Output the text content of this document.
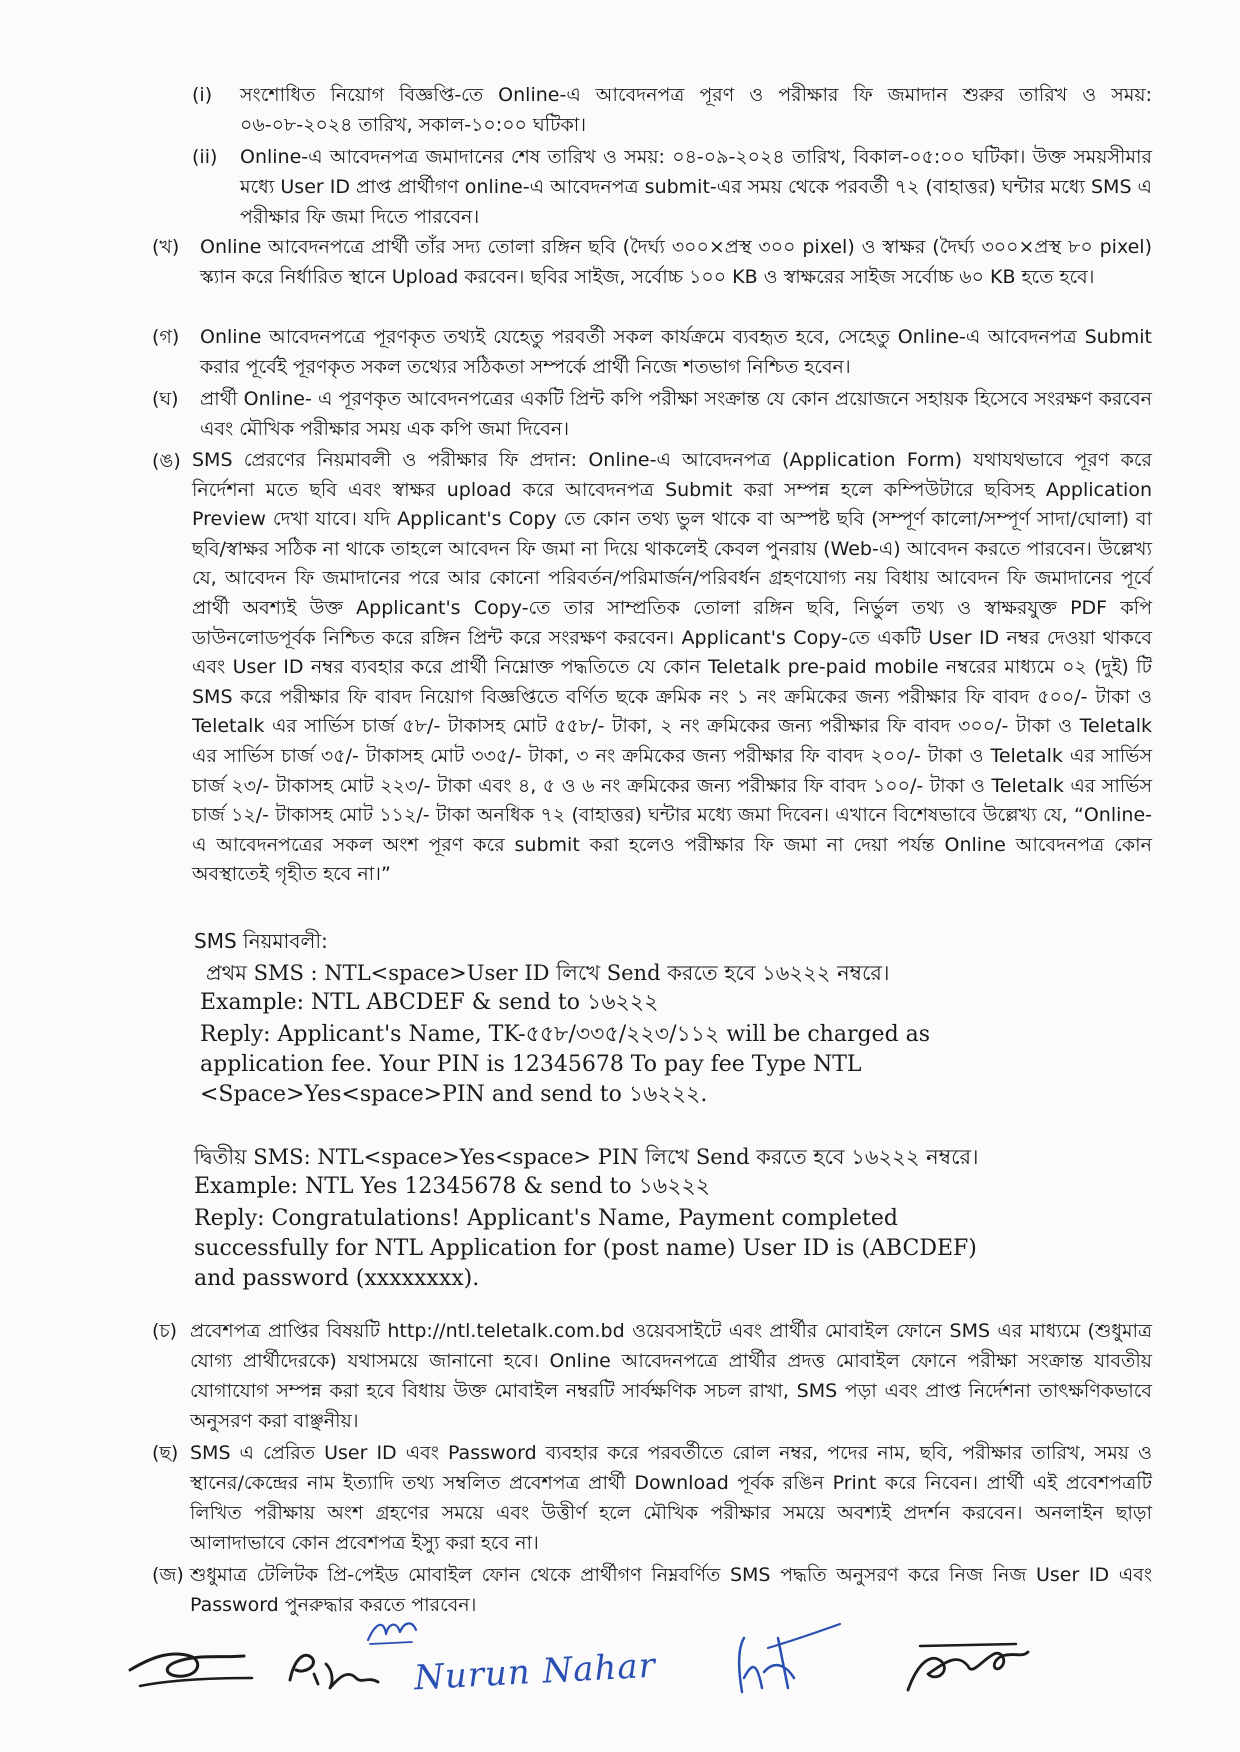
(i)	সংশোধিত নিয়োগ বিজ্ঞপ্তি-তে Online-এ আবেদনপত্র পূরণ ও পরীক্ষার ফি জমাদান শুরুর তারিখ ও সময়: ০৬-০৮-২০২৪ তারিখ, সকাল-১০:০০ ঘটিকা।
(ii)	Online-এ আবেদনপত্র জমাদানের শেষ তারিখ ও সময়: ০৪-০৯-২০২৪ তারিখ, বিকাল-০৫:০০ ঘটিকা। উক্ত সময়সীমার মধ্যে User ID প্রাপ্ত প্রার্থীগণ online-এ আবেদনপত্র submit-এর সময় থেকে পরবর্তী ৭২ (বাহাত্তর) ঘন্টার মধ্যে SMS এ পরীক্ষার ফি জমা দিতে পারবেন।
(খ)	Online আবেদনপত্রে প্রার্থী তাঁর সদ্য তোলা রঙ্গিন ছবি (দৈর্ঘ্য ৩০০×প্রস্থ ৩০০ pixel) ও স্বাক্ষর (দৈর্ঘ্য ৩০০×প্রস্থ ৮০ pixel) স্ক্যান করে নির্ধারিত স্থানে Upload করবেন। ছবির সাইজ, সর্বোচ্চ ১০০ KB ও স্বাক্ষরের সাইজ সর্বোচ্চ ৬০ KB হতে হবে।
(গ)	Online আবেদনপত্রে পূরণকৃত তথ্যই যেহেতু পরবর্তী সকল কার্যক্রমে ব্যবহৃত হবে, সেহেতু Online-এ আবেদনপত্র Submit করার পূর্বেই পূরণকৃত সকল তথ্যের সঠিকতা সম্পর্কে প্রার্থী নিজে শতভাগ নিশ্চিত হবেন।
(ঘ)	প্রার্থী Online- এ পূরণকৃত আবেদনপত্রের একটি প্রিন্ট কপি পরীক্ষা সংক্রান্ত যে কোন প্রয়োজনে সহায়ক হিসেবে সংরক্ষণ করবেন এবং মৌখিক পরীক্ষার সময় এক কপি জমা দিবেন।
(ঙ) SMS প্রেরণের নিয়মাবলী ও পরীক্ষার ফি প্রদান: Online-এ আবেদনপত্র (Application Form) যথাযথভাবে পূরণ করে নির্দেশনা মতে ছবি এবং স্বাক্ষর upload করে আবেদনপত্র Submit করা সম্পন্ন হলে কম্পিউটারে ছবিসহ Application Preview দেখা যাবে। যদি Applicant's Copy তে কোন তথ্য ভুল থাকে বা অস্পষ্ট ছবি (সম্পূর্ণ কালো/সম্পূর্ণ সাদা/ঘোলা) বা ছবি/স্বাক্ষর সঠিক না থাকে তাহলে আবেদন ফি জমা না দিয়ে থাকলেই কেবল পুনরায় (Web-এ) আবেদন করতে পারবেন। উল্লেখ্য যে, আবেদন ফি জমাদানের পরে আর কোনো পরিবর্তন/পরিমার্জন/পরিবর্ধন গ্রহণযোগ্য নয় বিধায় আবেদন ফি জমাদানের পূর্বে প্রার্থী অবশ্যই উক্ত Applicant's Copy-তে তার সাম্প্রতিক তোলা রঙ্গিন ছবি, নির্ভুল তথ্য ও স্বাক্ষরযুক্ত PDF কপি ডাউনলোডপূর্বক নিশ্চিত করে রঙ্গিন প্রিন্ট করে সংরক্ষণ করবেন। Applicant's Copy-তে একটি User ID নম্বর দেওয়া থাকবে এবং User ID নম্বর ব্যবহার করে প্রার্থী নিম্নোক্ত পদ্ধতিতে যে কোন Teletalk pre-paid mobile নম্বরের মাধ্যমে ০২ (দুই) টি SMS করে পরীক্ষার ফি বাবদ নিয়োগ বিজ্ঞপ্তিতে বর্ণিত ছকে ক্রমিক নং ১ নং ক্রমিকের জন্য পরীক্ষার ফি বাবদ ৫০০/- টাকা ও Teletalk এর সার্ভিস চার্জ ৫৮/- টাকাসহ মোট ৫৫৮/- টাকা, ২ নং ক্রমিকের জন্য পরীক্ষার ফি বাবদ ৩০০/- টাকা ও Teletalk এর সার্ভিস চার্জ ৩৫/- টাকাসহ মোট ৩৩৫/- টাকা, ৩ নং ক্রমিকের জন্য পরীক্ষার ফি বাবদ ২০০/- টাকা ও Teletalk এর সার্ভিস চার্জ ২৩/- টাকাসহ মোট ২২৩/- টাকা এবং ৪, ৫ ও ৬ নং ক্রমিকের জন্য পরীক্ষার ফি বাবদ ১০০/- টাকা ও Teletalk এর সার্ভিস চার্জ ১২/- টাকাসহ মোট ১১২/- টাকা অনধিক ৭২ (বাহাত্তর) ঘন্টার মধ্যে জমা দিবেন। এখানে বিশেষভাবে উল্লেখ্য যে, “Online-এ আবেদনপত্রের সকল অংশ পূরণ করে submit করা হলেও পরীক্ষার ফি জমা না দেয়া পর্যন্ত Online আবেদনপত্র কোন অবস্থাতেই গৃহীত হবে না।”
SMS নিয়মাবলী:
প্রথম SMS : NTL<space>User ID লিখে Send করতে হবে ১৬২২২ নম্বরে।
Example: NTL ABCDEF & send to ১৬২২২
Reply: Applicant's Name, TK-৫৫৮/৩৩৫/২২৩/১১২ will be charged as
application fee. Your PIN is 12345678 To pay fee Type NTL
<Space>Yes<space>PIN and send to ১৬২২২.
দ্বিতীয় SMS: NTL<space>Yes<space> PIN লিখে Send করতে হবে ১৬২২২ নম্বরে।
Example: NTL Yes 12345678 & send to ১৬২২২
Reply: Congratulations! Applicant's Name, Payment completed
successfully for NTL Application for (post name) User ID is (ABCDEF)
and password (xxxxxxxx).
(চ) প্রবেশপত্র প্রাপ্তির বিষয়টি http://ntl.teletalk.com.bd ওয়েবসাইটে এবং প্রার্থীর মোবাইল ফোনে SMS এর মাধ্যমে (শুধুমাত্র যোগ্য প্রার্থীদেরকে) যথাসময়ে জানানো হবে। Online আবেদনপত্রে প্রার্থীর প্রদত্ত মোবাইল ফোনে পরীক্ষা সংক্রান্ত যাবতীয় যোগাযোগ সম্পন্ন করা হবে বিধায় উক্ত মোবাইল নম্বরটি সার্বক্ষণিক সচল রাখা, SMS পড়া এবং প্রাপ্ত নির্দেশনা তাৎক্ষণিকভাবে অনুসরণ করা বাঞ্ছনীয়।
(ছ) SMS এ প্রেরিত User ID এবং Password ব্যবহার করে পরবর্তীতে রোল নম্বর, পদের নাম, ছবি, পরীক্ষার তারিখ, সময় ও স্থানের/কেন্দ্রের নাম ইত্যাদি তথ্য সম্বলিত প্রবেশপত্র প্রার্থী Download পূর্বক রঙিন Print করে নিবেন। প্রার্থী এই প্রবেশপত্রটি লিখিত পরীক্ষায় অংশ গ্রহণের সময়ে এবং উত্তীর্ণ হলে মৌখিক পরীক্ষার সময়ে অবশ্যই প্রদর্শন করবেন। অনলাইন ছাড়া আলাদাভাবে কোন প্রবেশপত্র ইস্যু করা হবে না।
(জ) শুধুমাত্র টেলিটক প্রি-পেইড মোবাইল ফোন থেকে প্রার্থীগণ নিম্নবর্ণিত SMS পদ্ধতি অনুসরণ করে নিজ নিজ User ID এবং Password পুনরুদ্ধার করতে পারবেন।
Nurun Nahar
